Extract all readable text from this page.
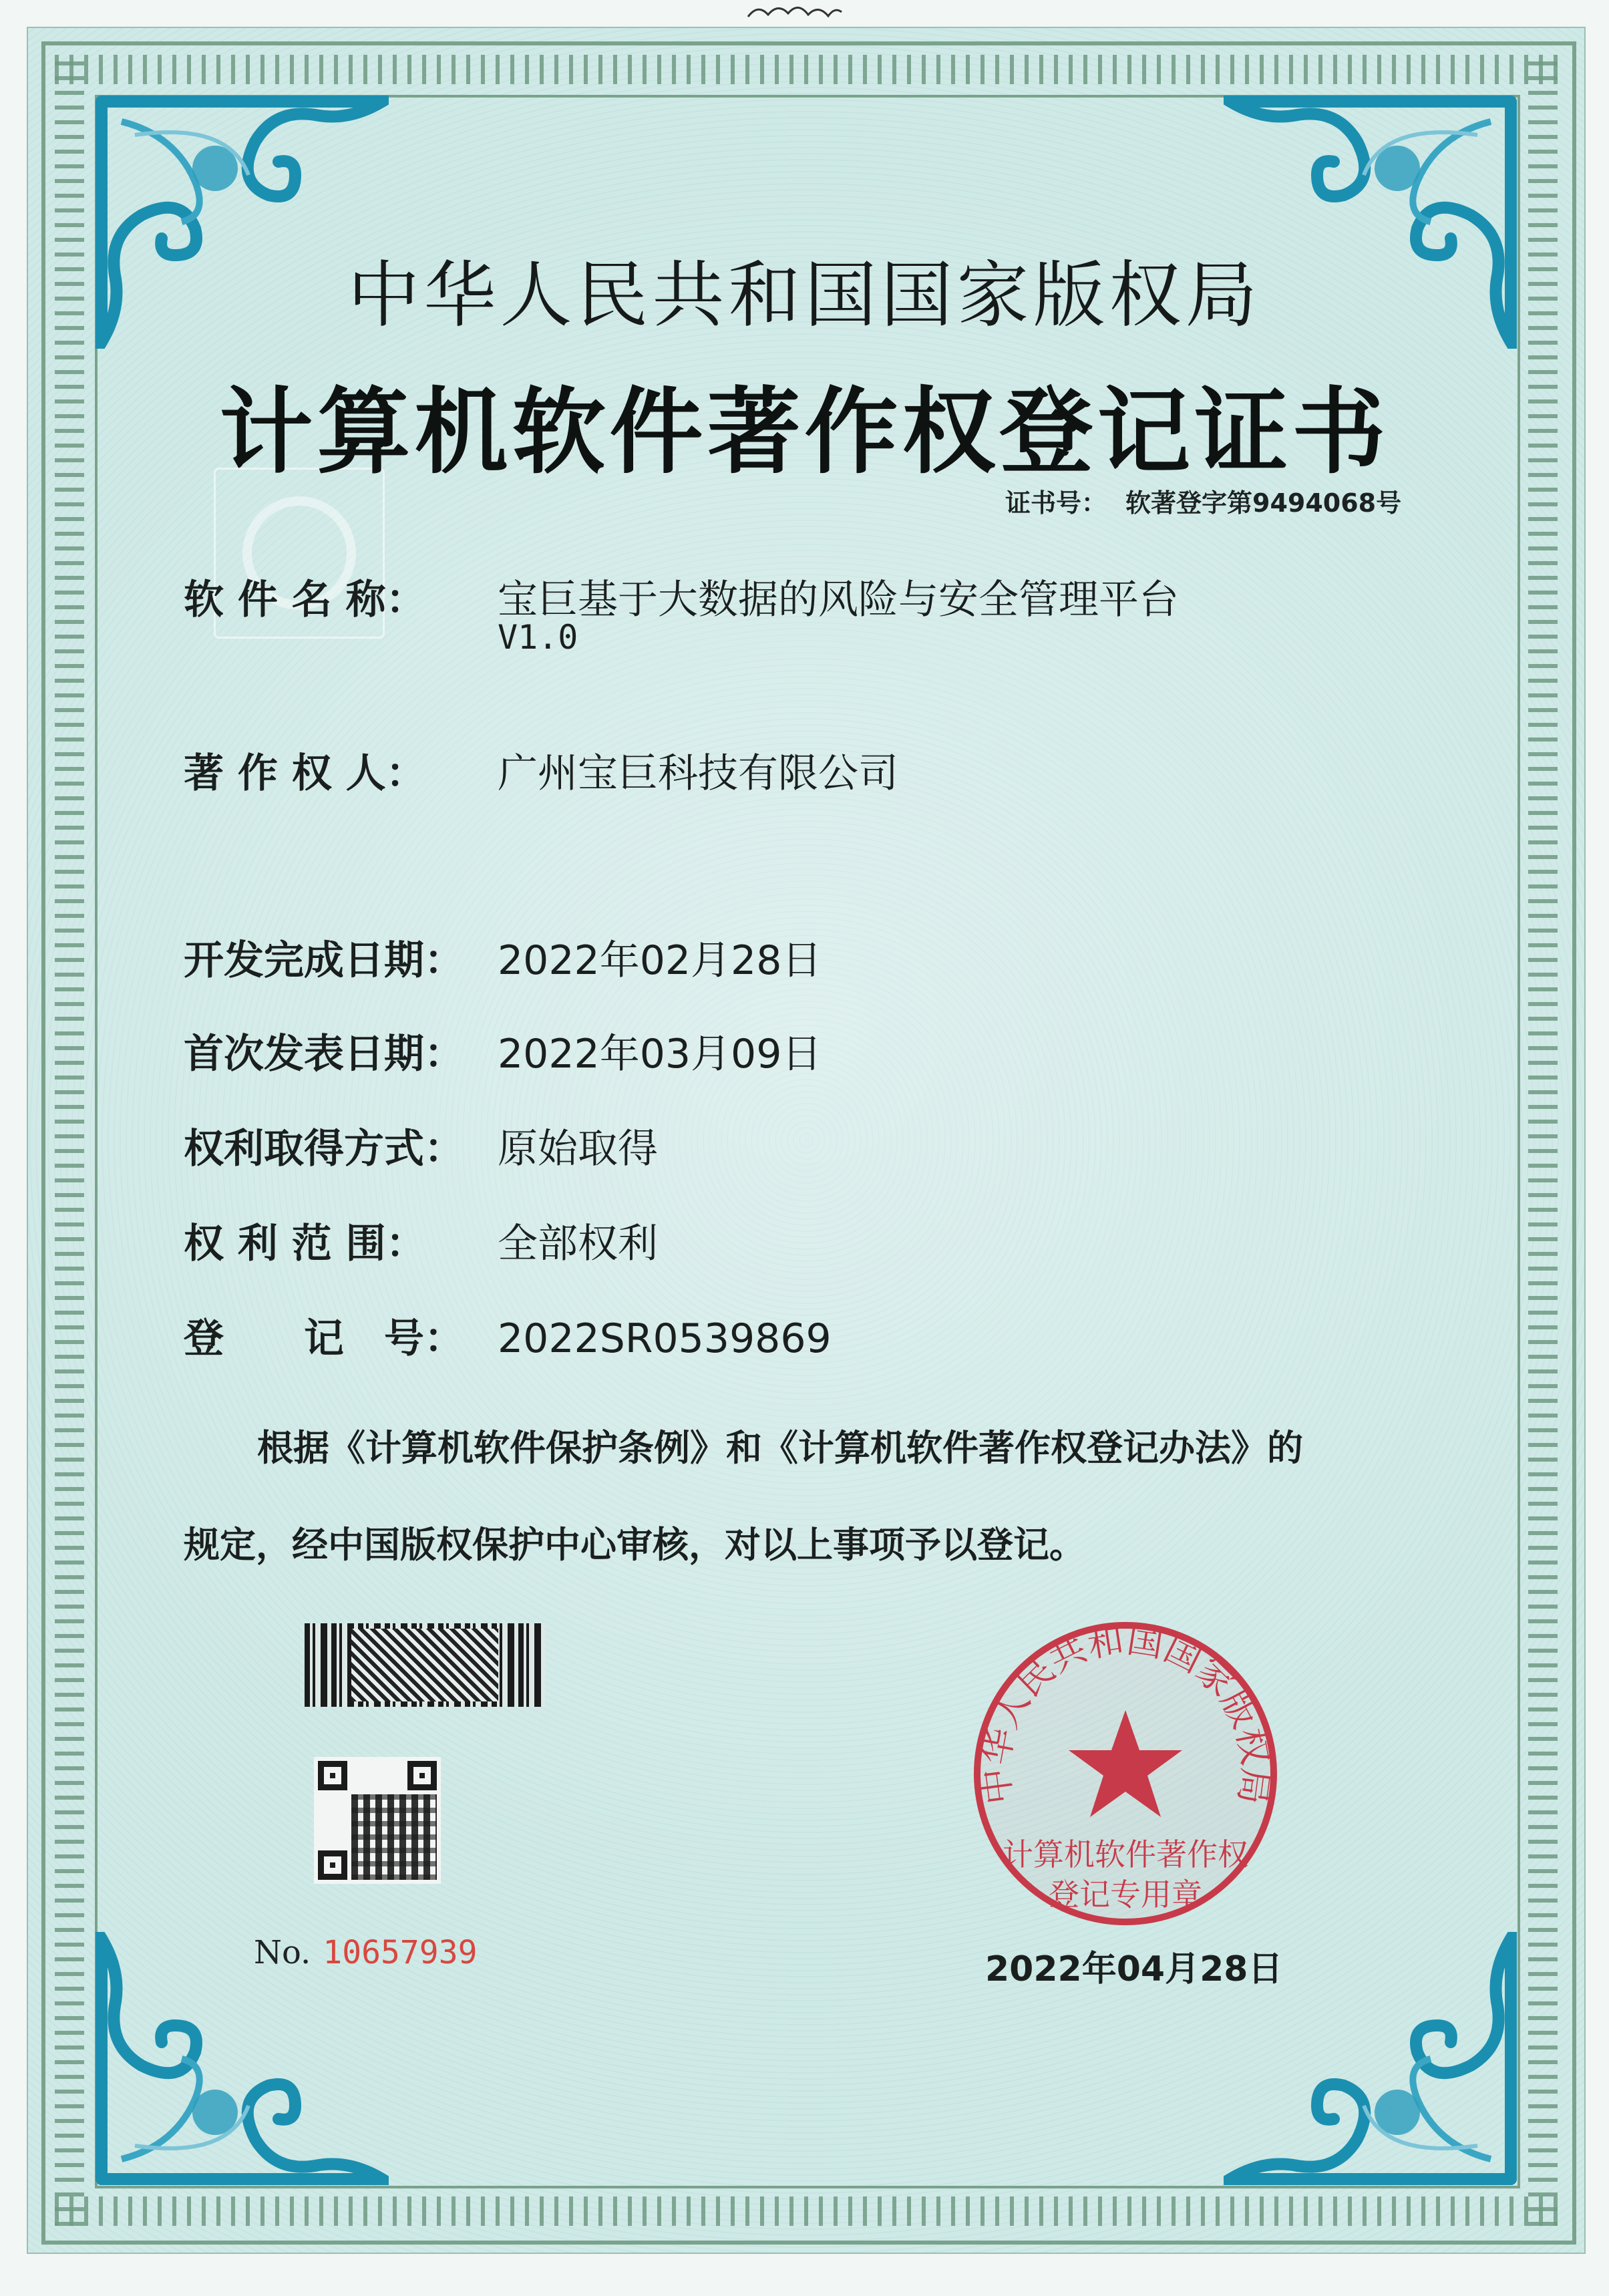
中华人民共和国国家版权局
计算机软件著作权登记证书
证书号： 软著登字第9494068号
软 件 名 称： 宝巨基于大数据的风险与安全管理平台
V1.0
著 作 权 人： 广州宝巨科技有限公司
开发完成日期： 2022年02月28日
首次发表日期： 2022年03月09日
权利取得方式： 原始取得
权 利 范 围： 全部权利
登　　记　号： 2022SR0539869
根据《计算机软件保护条例》和《计算机软件著作权登记办法》的
规定，经中国版权保护中心审核，对以上事项予以登记。
No. 10657939
中华人民共和国国家版权局
计算机软件著作权
登记专用章
2022年04月28日
